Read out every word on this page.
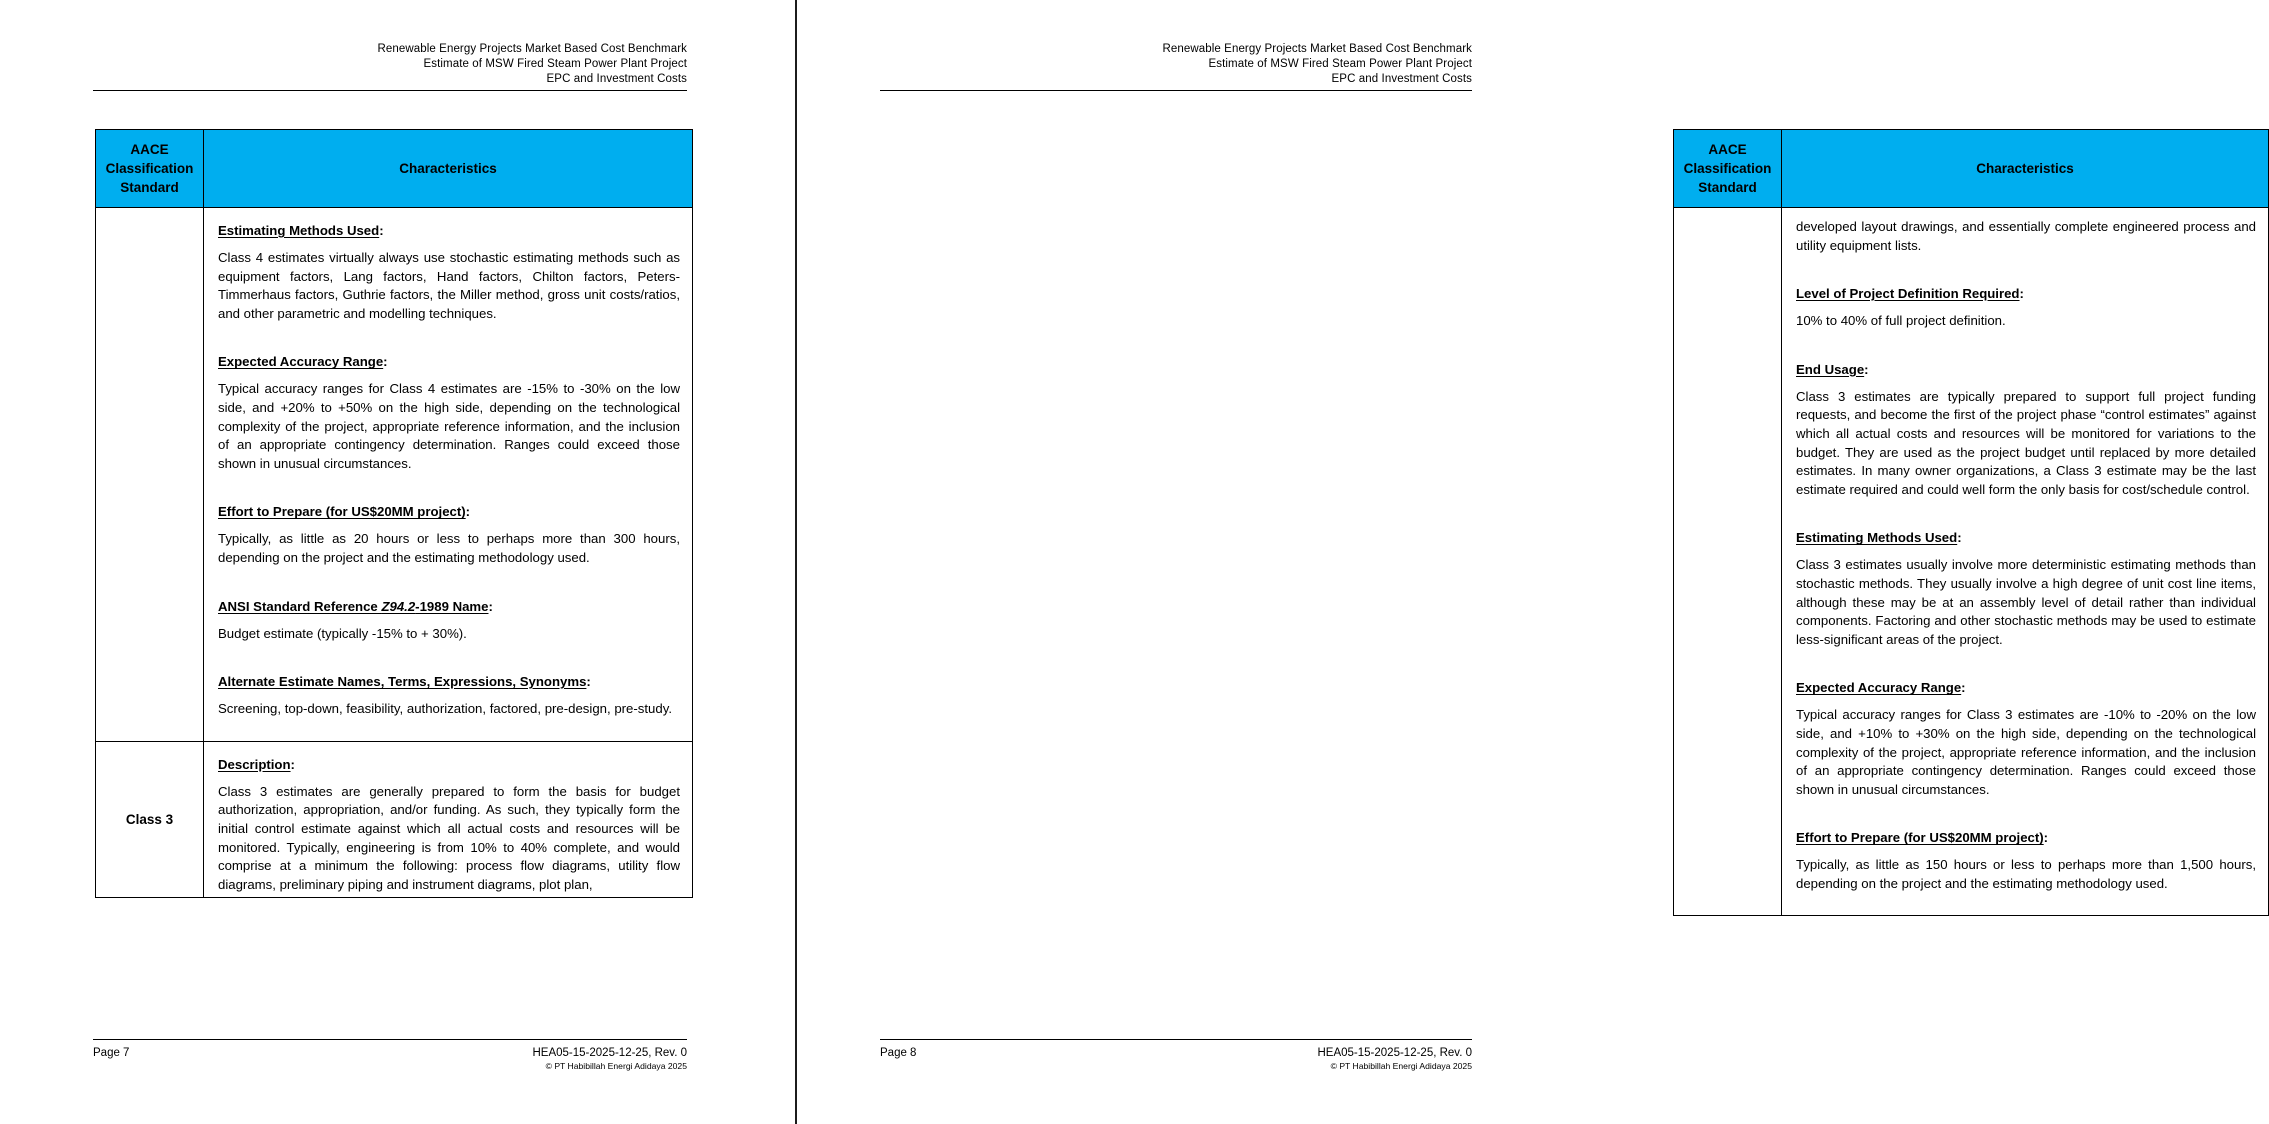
Renewable Energy Projects Market Based Cost Benchmark
Estimate of MSW Fired Steam Power Plant Project
EPC and Investment Costs
AACE
Classification
Standard	Characteristics

Estimating Methods Used:

Class 4 estimates virtually always use stochastic estimating methods such as equipment factors, Lang factors, Hand factors, Chilton factors, Peters-Timmerhaus factors, Guthrie factors, the Miller method, gross unit costs/ratios, and other parametric and modelling techniques.

Expected Accuracy Range:

Typical accuracy ranges for Class 4 estimates are -15% to -30% on the low side, and +20% to +50% on the high side, depending on the technological complexity of the project, appropriate reference information, and the inclusion of an appropriate contingency determination. Ranges could exceed those shown in unusual circumstances.

Effort to Prepare (for US$20MM project):

Typically, as little as 20 hours or less to perhaps more than 300 hours, depending on the project and the estimating methodology used.

ANSI Standard Reference Z94.2-1989 Name:

Budget estimate (typically -15% to + 30%).

Alternate Estimate Names, Terms, Expressions, Synonyms:

Screening, top-down, feasibility, authorization, factored, pre-design, pre-study.

Class 3	Description:

Class 3 estimates are generally prepared to form the basis for budget authorization, appropriation, and/or funding. As such, they typically form the initial control estimate against which all actual costs and resources will be monitored. Typically, engineering is from 10% to 40% complete, and would comprise at a minimum the following: process flow diagrams, utility flow diagrams, preliminary piping and instrument diagrams, plot plan,

Page 7	HEA05-15-2025-12-25, Rev. 0
© PT Habibillah Energi Adidaya 2025
Renewable Energy Projects Market Based Cost Benchmark
Estimate of MSW Fired Steam Power Plant Project
EPC and Investment Costs
AACE
Classification
Standard	Characteristics

developed layout drawings, and essentially complete engineered process and utility equipment lists.

Level of Project Definition Required:

10% to 40% of full project definition.

End Usage:

Class 3 estimates are typically prepared to support full project funding requests, and become the first of the project phase “control estimates” against which all actual costs and resources will be monitored for variations to the budget. They are used as the project budget until replaced by more detailed estimates. In many owner organizations, a Class 3 estimate may be the last estimate required and could well form the only basis for cost/schedule control.

Estimating Methods Used:

Class 3 estimates usually involve more deterministic estimating methods than stochastic methods. They usually involve a high degree of unit cost line items, although these may be at an assembly level of detail rather than individual components. Factoring and other stochastic methods may be used to estimate less-significant areas of the project.

Expected Accuracy Range:

Typical accuracy ranges for Class 3 estimates are -10% to -20% on the low side, and +10% to +30% on the high side, depending on the technological complexity of the project, appropriate reference information, and the inclusion of an appropriate contingency determination. Ranges could exceed those shown in unusual circumstances.

Effort to Prepare (for US$20MM project):

Typically, as little as 150 hours or less to perhaps more than 1,500 hours, depending on the project and the estimating methodology used.

Page 8	HEA05-15-2025-12-25, Rev. 0
© PT Habibillah Energi Adidaya 2025
